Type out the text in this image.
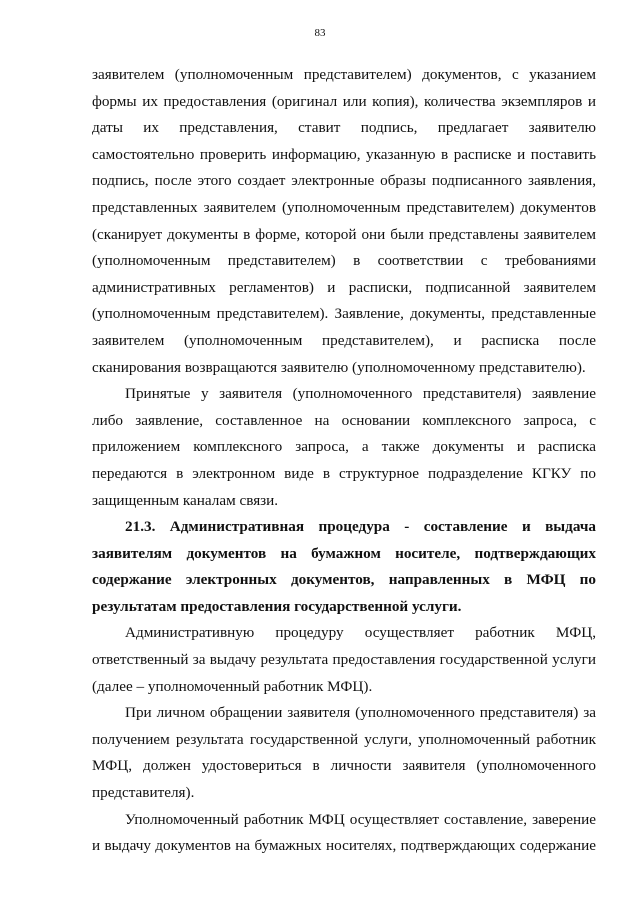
83

заявителем (уполномоченным представителем) документов, с указанием формы их предоставления (оригинал или копия), количества экземпляров и даты их представления, ставит подпись, предлагает заявителю самостоятельно проверить информацию, указанную в расписке и поставить подпись, после этого создает электронные образы подписанного заявления, представленных заявителем (уполномоченным представителем) документов (сканирует документы в форме, которой они были представлены заявителем (уполномоченным представителем) в соответствии с требованиями административных регламентов) и расписки, подписанной заявителем (уполномоченным представителем). Заявление, документы, представленные заявителем (уполномоченным представителем), и расписка после сканирования возвращаются заявителю (уполномоченному представителю).

Принятые у заявителя (уполномоченного представителя) заявление либо заявление, составленное на основании комплексного запроса, с приложением комплексного запроса, а также документы и расписка передаются в электронном виде в структурное подразделение КГКУ по защищенным каналам связи.

21.3. Административная процедура - составление и выдача заявителям документов на бумажном носителе, подтверждающих содержание электронных документов, направленных в МФЦ по результатам предоставления государственной услуги.

Административную процедуру осуществляет работник МФЦ, ответственный за выдачу результата предоставления государственной услуги (далее – уполномоченный работник МФЦ).

При личном обращении заявителя (уполномоченного представителя) за получением результата государственной услуги, уполномоченный работник МФЦ, должен удостовериться в личности заявителя (уполномоченного представителя).

Уполномоченный работник МФЦ осуществляет составление, заверение и выдачу документов на бумажных носителях, подтверждающих содержание
